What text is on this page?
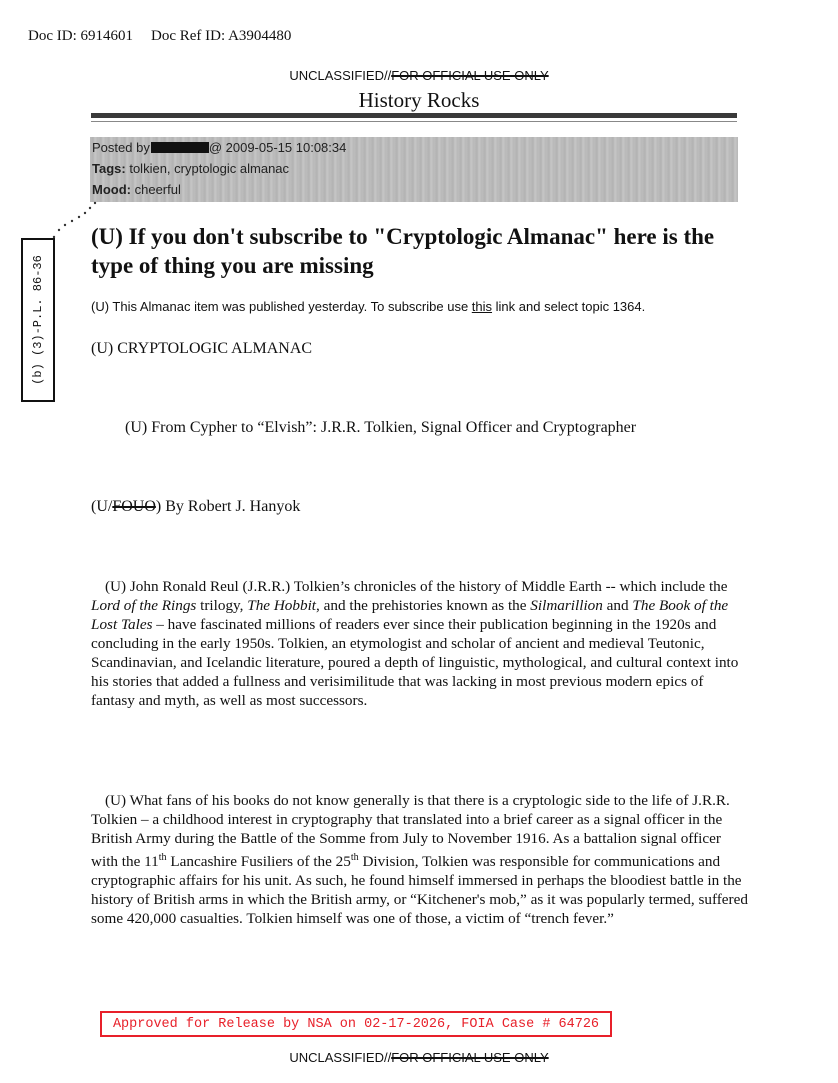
Doc ID: 6914601 Doc Ref ID: A3904480
UNCLASSIFIED//FOR OFFICIAL USE ONLY
History Rocks
Posted by	@ 2009-05-15 10:08:34
Tags: tolkien, cryptologic almanac
Mood: cheerful
(b) (3)-P.L. 86-36
(U) If you don't subscribe to "Cryptologic Almanac" here is the type of thing you are missing
(U) This Almanac item was published yesterday. To subscribe use this link and select topic 1364.
(U) CRYPTOLOGIC ALMANAC
(U) From Cypher to “Elvish”: J.R.R. Tolkien, Signal Officer and Cryptographer
(U/FOUO) By Robert J. Hanyok
(U) John Ronald Reul (J.R.R.) Tolkien’s chronicles of the history of Middle Earth -- which include the Lord of the Rings trilogy, The Hobbit, and the prehistories known as the Silmarillion and The Book of the Lost Tales – have fascinated millions of readers ever since their publication beginning in the 1920s and concluding in the early 1950s. Tolkien, an etymologist and scholar of ancient and medieval Teutonic, Scandinavian, and Icelandic literature, poured a depth of linguistic, mythological, and cultural context into his stories that added a fullness and verisimilitude that was lacking in most previous modern epics of fantasy and myth, as well as most successors.
(U) What fans of his books do not know generally is that there is a cryptologic side to the life of J.R.R. Tolkien – a childhood interest in cryptography that translated into a brief career as a signal officer in the British Army during the Battle of the Somme from July to November 1916. As a battalion signal officer with the 11th Lancashire Fusiliers of the 25th Division, Tolkien was responsible for communications and cryptographic affairs for his unit. As such, he found himself immersed in perhaps the bloodiest battle in the history of British arms in which the British army, or “Kitchener's mob,” as it was popularly termed, suffered some 420,000 casualties. Tolkien himself was one of those, a victim of “trench fever.”
Approved for Release by NSA on 02-17-2026, FOIA Case # 64726
UNCLASSIFIED//FOR OFFICIAL USE ONLY
